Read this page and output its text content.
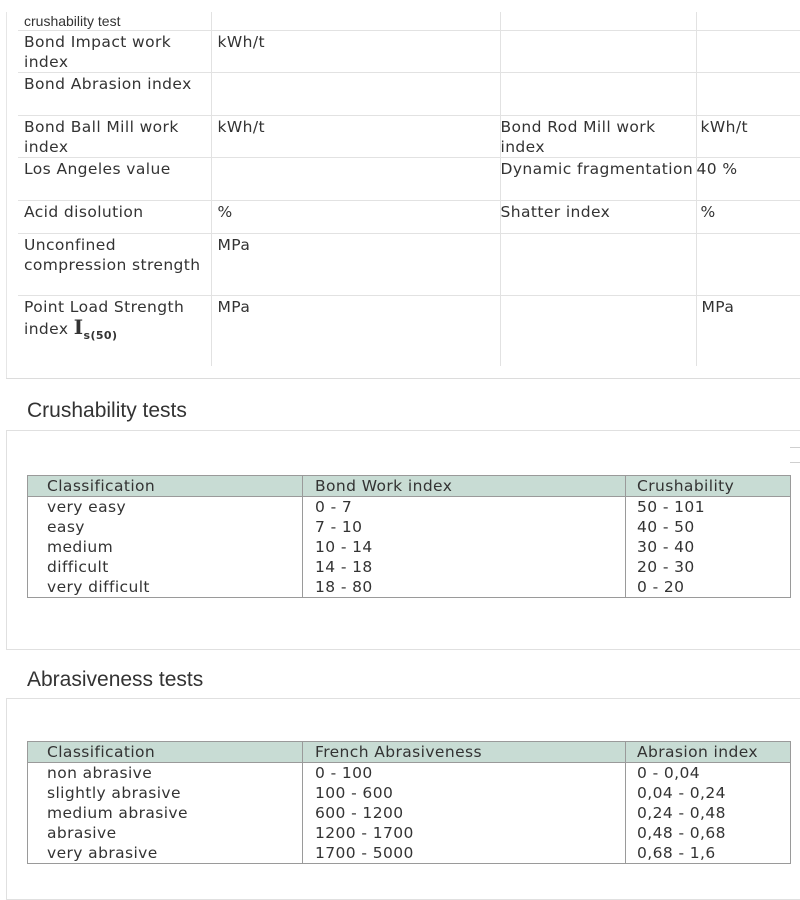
crushability test			
Bond Impact work index	kWh/t		
Bond Abrasion index			
Bond Ball Mill work index	kWh/t	Bond Rod Mill work index	kWh/t
Los Angeles value		Dynamic fragmentation	40 %
Acid disolution	%	Shatter index	%
Unconfined compression strength	MPa		
Point Load Strength index $I_{s(50)}$	MPa		MPa
Crushability tests
Classification	Bond Work index	Crushability
very easy	0 - 7	50 - 101
easy	7 - 10	40 - 50
medium	10 - 14	30 - 40
difficult	14 - 18	20 - 30
very difficult	18 - 80	0 - 20
Abrasiveness tests
Classification	French Abrasiveness	Abrasion index
non abrasive	0 - 100	0 - 0,04
slightly abrasive	100 - 600	0,04 - 0,24
medium abrasive	600 - 1200	0,24 - 0,48
abrasive	1200 - 1700	0,48 - 0,68
very abrasive	1700 - 5000	0,68 - 1,6
